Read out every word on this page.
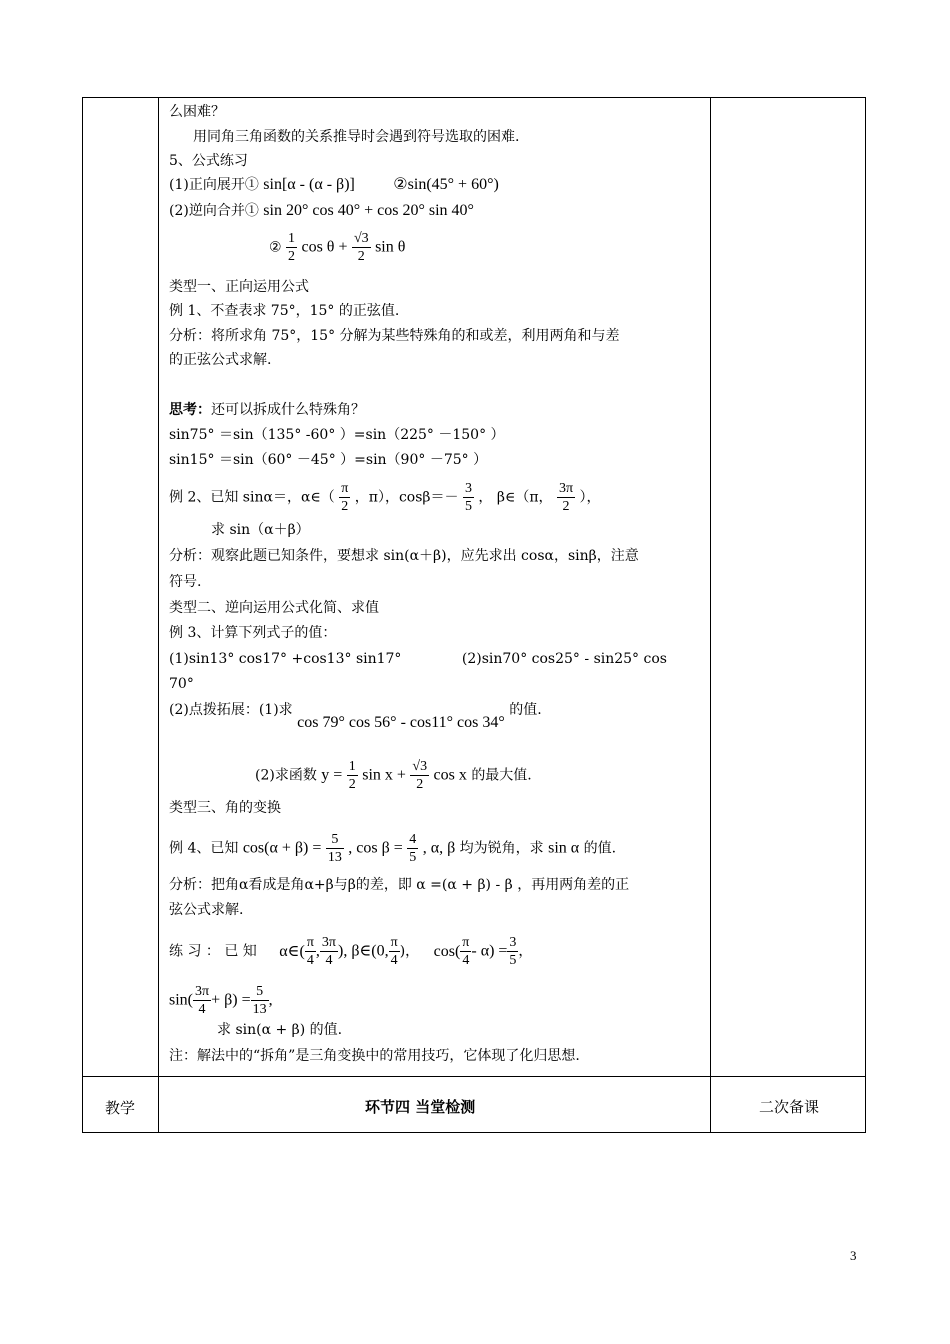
么困难？
用同角三角函数的关系推导时会遇到符号选取的困难.
5、公式练习
(1)正向展开① sin[α - (α - β)] ②sin(45° + 60°)
(2)逆向合并① sin 20° cos 40° + cos 20° sin 40°
② $\frac{1}{2}$ $\cos \theta + \frac{√3}{2}$ sin θ
类型一、正向运用公式
例 1、不查表求 75°，15° 的正弦值.
分析：将所求角 75°，15° 分解为某些特殊角的和或差，利用两角和与差
的正弦公式求解.
思考：还可以拆成什么特殊角？
sin75° ＝sin（135° -60° ）=sin（225° －150° ）
sin15° ＝sin（60° －45° ）=sin（90° －75° ）
例 2、已知 sinα＝，α∈（ $\frac{\pi}{2}$ ，π），$\cos\beta=- \frac{3}{5}$ ， β∈（π， $\frac{3\pi}{2}$ ），
求 sin（α＋β）
分析：观察此题已知条件，要想求 sin(α＋β)，应先求出 cosα，sinβ，注意
符号.
类型二、逆向运用公式化简、求值
例 3、计算下列式子的值：
(1)sin13° cos17° +cos13° sin17°	(2)sin70° cos25° - sin25° cos
70°
(2)点拨拓展：(1)求 cos 79° cos 56° - cos11° cos 34° 的值.
(2)求函数 $y = \frac{1}{2}$ $\sin x + \frac{√3}{2}$ cos x 的最大值.
类型三、角的变换
例 4、已知 $\cos(\alpha + \beta) = \frac{5}{13}$ , $\cos \beta = \frac{4}{5}$ , α, β 均为锐角，求 sin α 的值.
分析：把角α看成是角α+β与β的差，即 α =(α + β) - β ，再用两角差的正
弦公式求解.
练 习 ： 已 知 α∈( $\frac{\pi}{4}$ , $\frac{3\pi}{4}$ ), β∈(0, $\frac{\pi}{4}$ )， $\cos( \frac{\pi}{4} - \alpha) = \frac{3}{5}$ ，
$\sin( \frac{3\pi}{4} + \beta) = \frac{5}{13}$ ,
求 sin(α + β) 的值.
注：解法中的“拆角”是三角变换中的常用技巧，它体现了化归思想.
教学	环节四 当堂检测	二次备课
3
